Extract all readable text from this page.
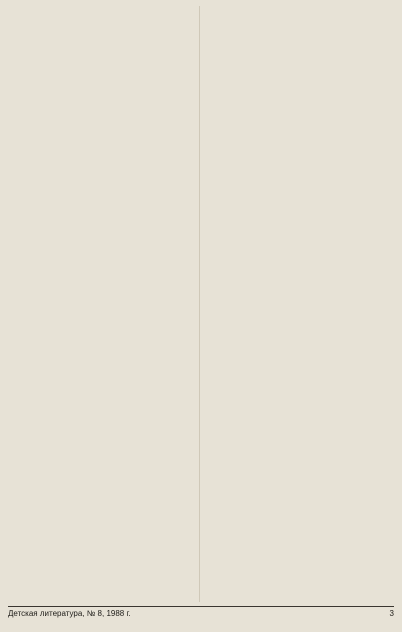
Детская литература, № 8, 1988 г.	3
